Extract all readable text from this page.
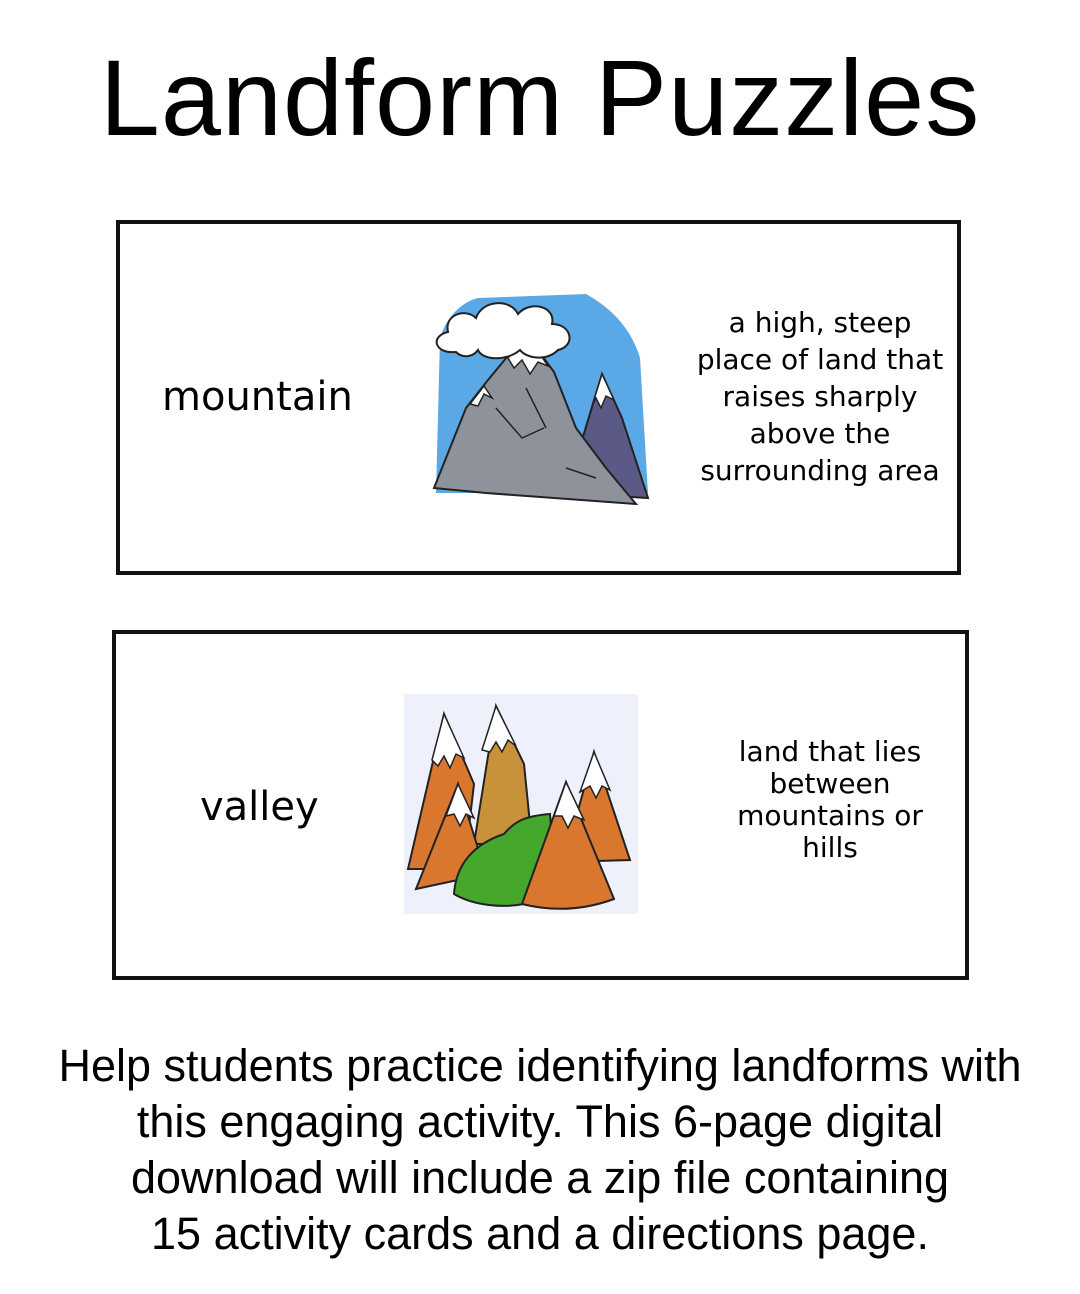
Landform Puzzles
mountain
a high, steep
place of land that
raises sharply
above the
surrounding area
valley
land that lies
between
mountains or
hills
Help students practice identifying landforms with
this engaging activity. This 6-page digital
download will include a zip file containing
15 activity cards and a directions page.
